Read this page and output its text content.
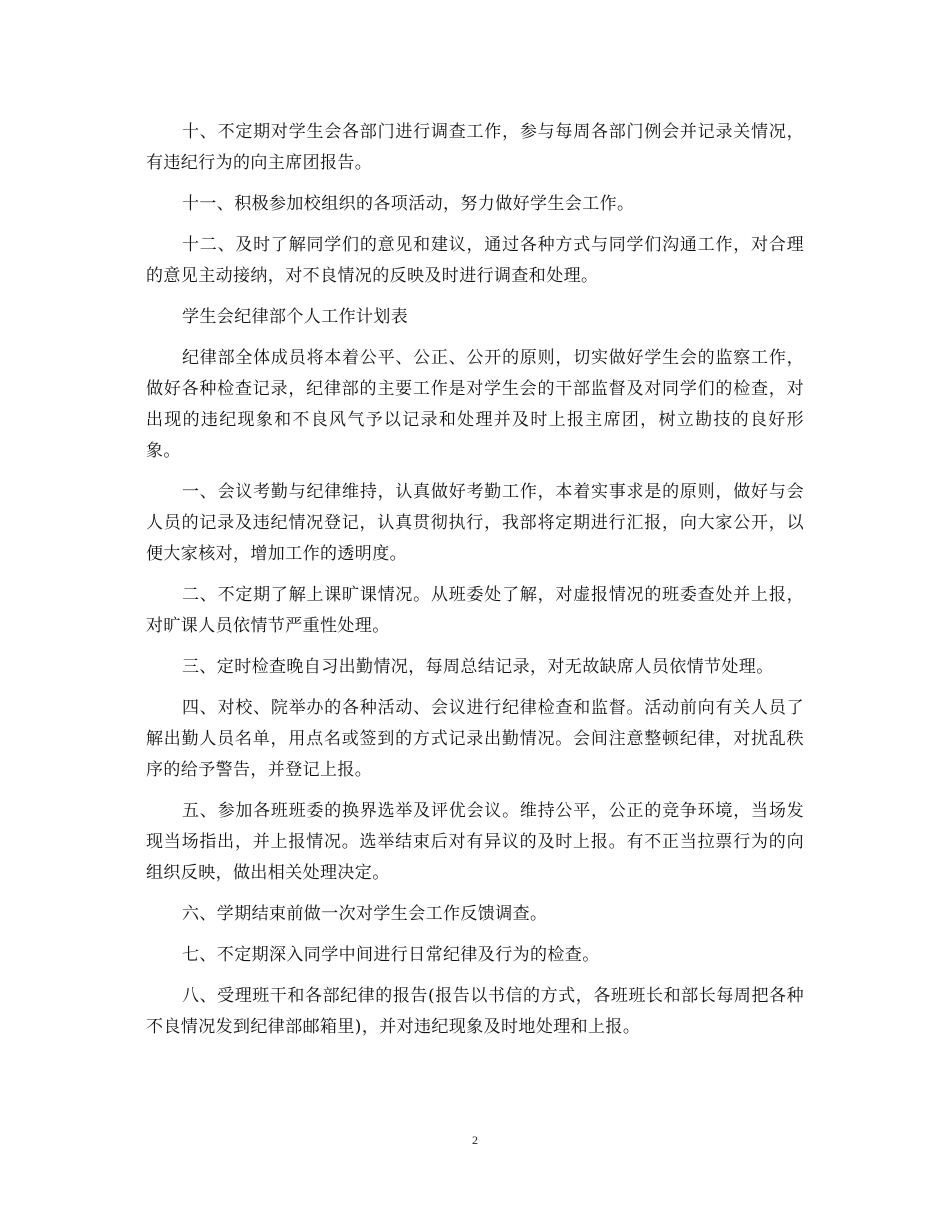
十、不定期对学生会各部门进行调查工作，参与每周各部门例会并记录关情况，有违纪行为的向主席团报告。

十一、积极参加校组织的各项活动，努力做好学生会工作。

十二、及时了解同学们的意见和建议，通过各种方式与同学们沟通工作，对合理的意见主动接纳，对不良情况的反映及时进行调查和处理。

学生会纪律部个人工作计划表

纪律部全体成员将本着公平、公正、公开的原则，切实做好学生会的监察工作，做好各种检查记录，纪律部的主要工作是对学生会的干部监督及对同学们的检查，对出现的违纪现象和不良风气予以记录和处理并及时上报主席团，树立勘技的良好形象。

一、会议考勤与纪律维持，认真做好考勤工作，本着实事求是的原则，做好与会人员的记录及违纪情况登记，认真贯彻执行，我部将定期进行汇报，向大家公开，以便大家核对，增加工作的透明度。

二、不定期了解上课旷课情况。从班委处了解，对虚报情况的班委查处并上报，对旷课人员依情节严重性处理。

三、定时检查晚自习出勤情况，每周总结记录，对无故缺席人员依情节处理。

四、对校、院举办的各种活动、会议进行纪律检查和监督。活动前向有关人员了解出勤人员名单，用点名或签到的方式记录出勤情况。会间注意整顿纪律，对扰乱秩序的给予警告，并登记上报。

五、参加各班班委的换界选举及评优会议。维持公平，公正的竞争环境，当场发现当场指出，并上报情况。选举结束后对有异议的及时上报。有不正当拉票行为的向组织反映，做出相关处理决定。

六、学期结束前做一次对学生会工作反馈调查。

七、不定期深入同学中间进行日常纪律及行为的检查。

八、受理班干和各部纪律的报告(报告以书信的方式，各班班长和部长每周把各种不良情况发到纪律部邮箱里)，并对违纪现象及时地处理和上报。

2
